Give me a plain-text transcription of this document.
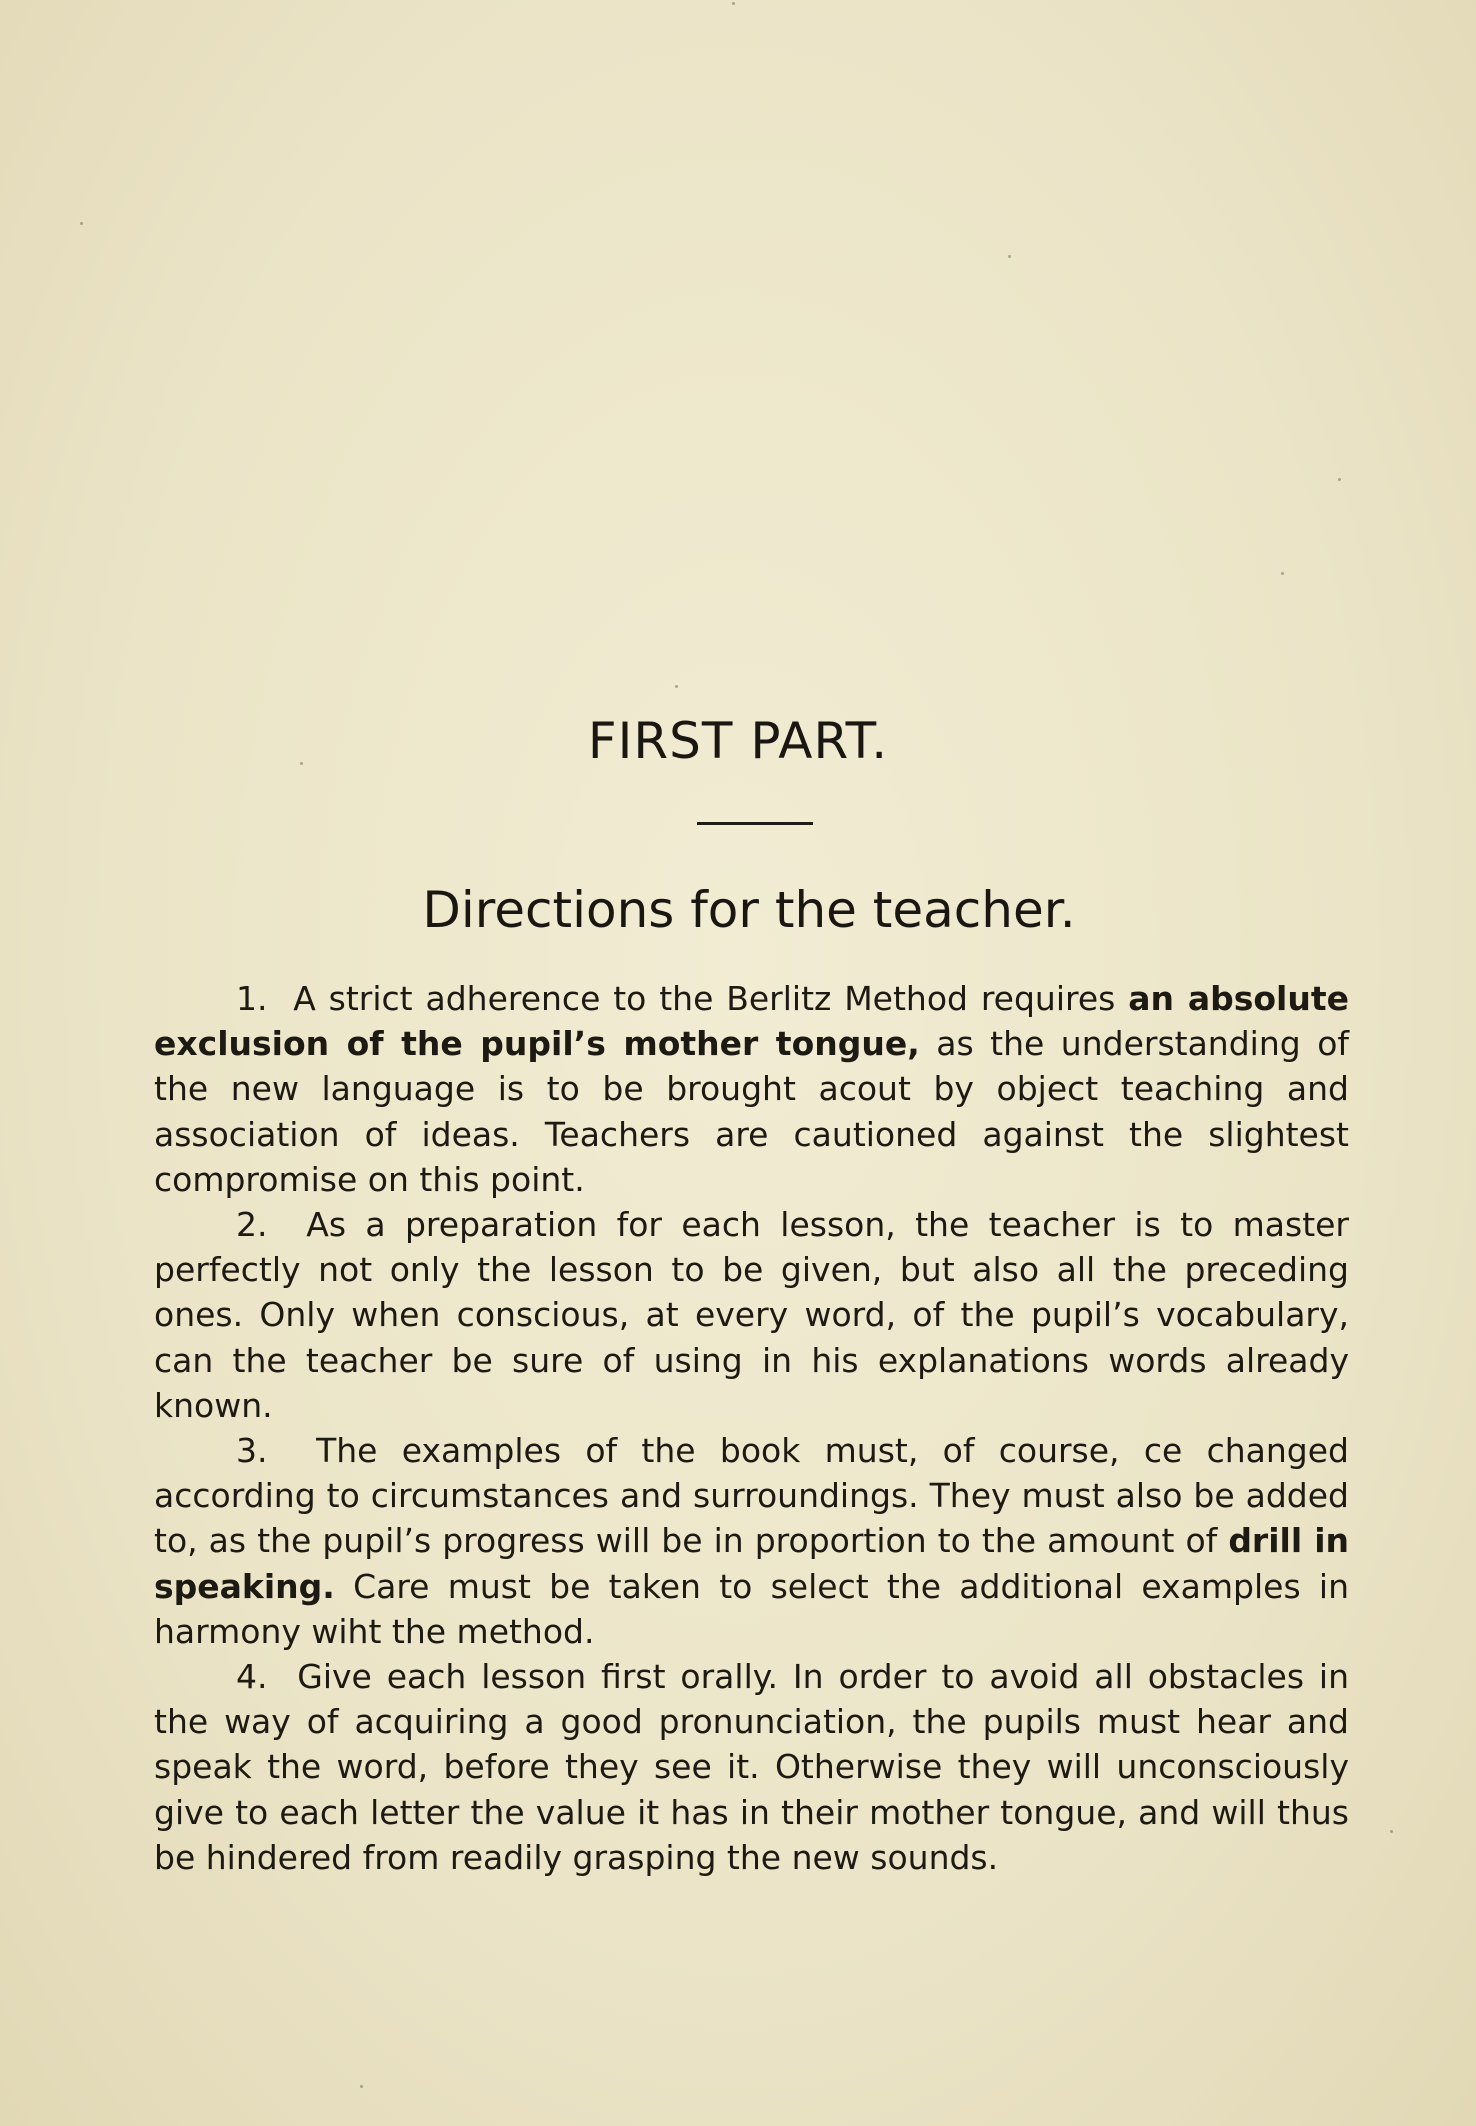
FIRST PART.
Directions for the teacher.

1. A strict adherence to the Berlitz Method requires an absolute exclusion of the pupil’s mother tongue, as the understanding of the new language is to be brought acout by object teaching and association of ideas. Teachers are cautioned against the slightest compromise on this point.

2. As a preparation for each lesson, the teacher is to master perfectly not only the lesson to be given, but also all the preceding ones. Only when conscious, at every word, of the pupil’s vocabulary, can the teacher be sure of using in his explanations words already known.

3. The examples of the book must, of course, ce changed according to circumstances and surroundings. They must also be added to, as the pupil’s progress will be in proportion to the amount of drill in speaking. Care must be taken to select the additional examples in harmony wiht the method.

4. Give each lesson first orally. In order to avoid all obstacles in the way of acquiring a good pronunciation, the pupils must hear and speak the word, before they see it. Otherwise they will unconsciously give to each letter the value it has in their mother tongue, and will thus be hindered from readily grasping the new sounds.
